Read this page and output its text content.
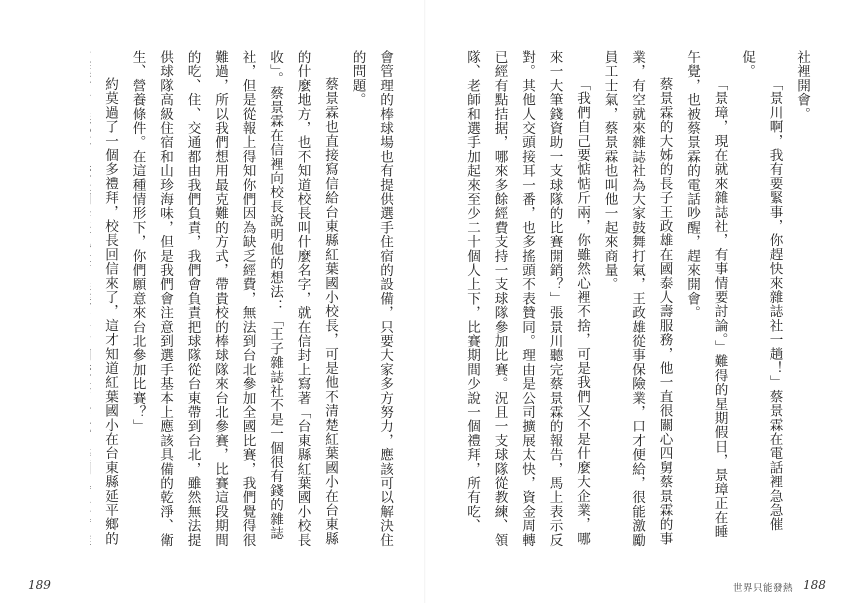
會管理的棒球場也有提供選手住宿的設備，只要大家多方努力，應該可以解決住的問題。

蔡景霖也直接寫信給台東縣紅葉國小校長，可是他不清楚紅葉國小在台東縣的什麼地方，也不知道校長叫什麼名字，就在信封上寫著「台東縣紅葉國小校長收」。蔡景霖在信裡向校長說明他的想法：「王子雜誌社不是一個很有錢的雜誌社，但是從報上得知你們因為缺乏經費，無法到台北參加全國比賽，我們覺得很難過，所以我們想用最克難的方式，帶貴校的棒球隊來台北參賽，比賽這段期間的吃、住、交通都由我們負責，我們會負責把球隊從台東帶到台北，雖然無法提供球隊高級住宿和山珍海味，但是我們會注意到選手基本上應該具備的乾淨、衛生、營養條件。在這種情形下，你們願意來台北參加比賽？」

約莫過了一個多禮拜，校長回信來了，這才知道紅葉國小在台東縣延平鄉的

189

社裡開會。

「景川啊，我有要緊事，你趕快來雜誌社一趟！」蔡景霖在電話裡急急催促。

「景璋，現在就來雜誌社，有事情要討論。」難得的星期假日，景璋正在睡午覺，也被蔡景霖的電話吵醒，趕來開會。

蔡景霖的大姊的長子王政雄在國泰人壽服務，他一直很關心四舅蔡景霖的事業，有空就來雜誌社為大家鼓舞打氣，王政雄從事保險業，口才便給，很能激勵員工士氣，蔡景霖也叫他一起來商量。

「我們自己要惦惦斤兩，你雖然心裡不捨，可是我們又不是什麼大企業，哪來一大筆錢資助一支球隊的比賽開銷？」張景川聽完蔡景霖的報告，馬上表示反對。其他人交頭接耳一番，也多搖頭不表贊同。理由是公司擴展太快，資金周轉已經有點拮据，哪來多餘經費支持一支球隊參加比賽。況且一支球隊從教練、領隊、老師和選手加起來至少二十個人上下，比賽期間少說一個禮拜，所有吃、

世界只能發熱 188
